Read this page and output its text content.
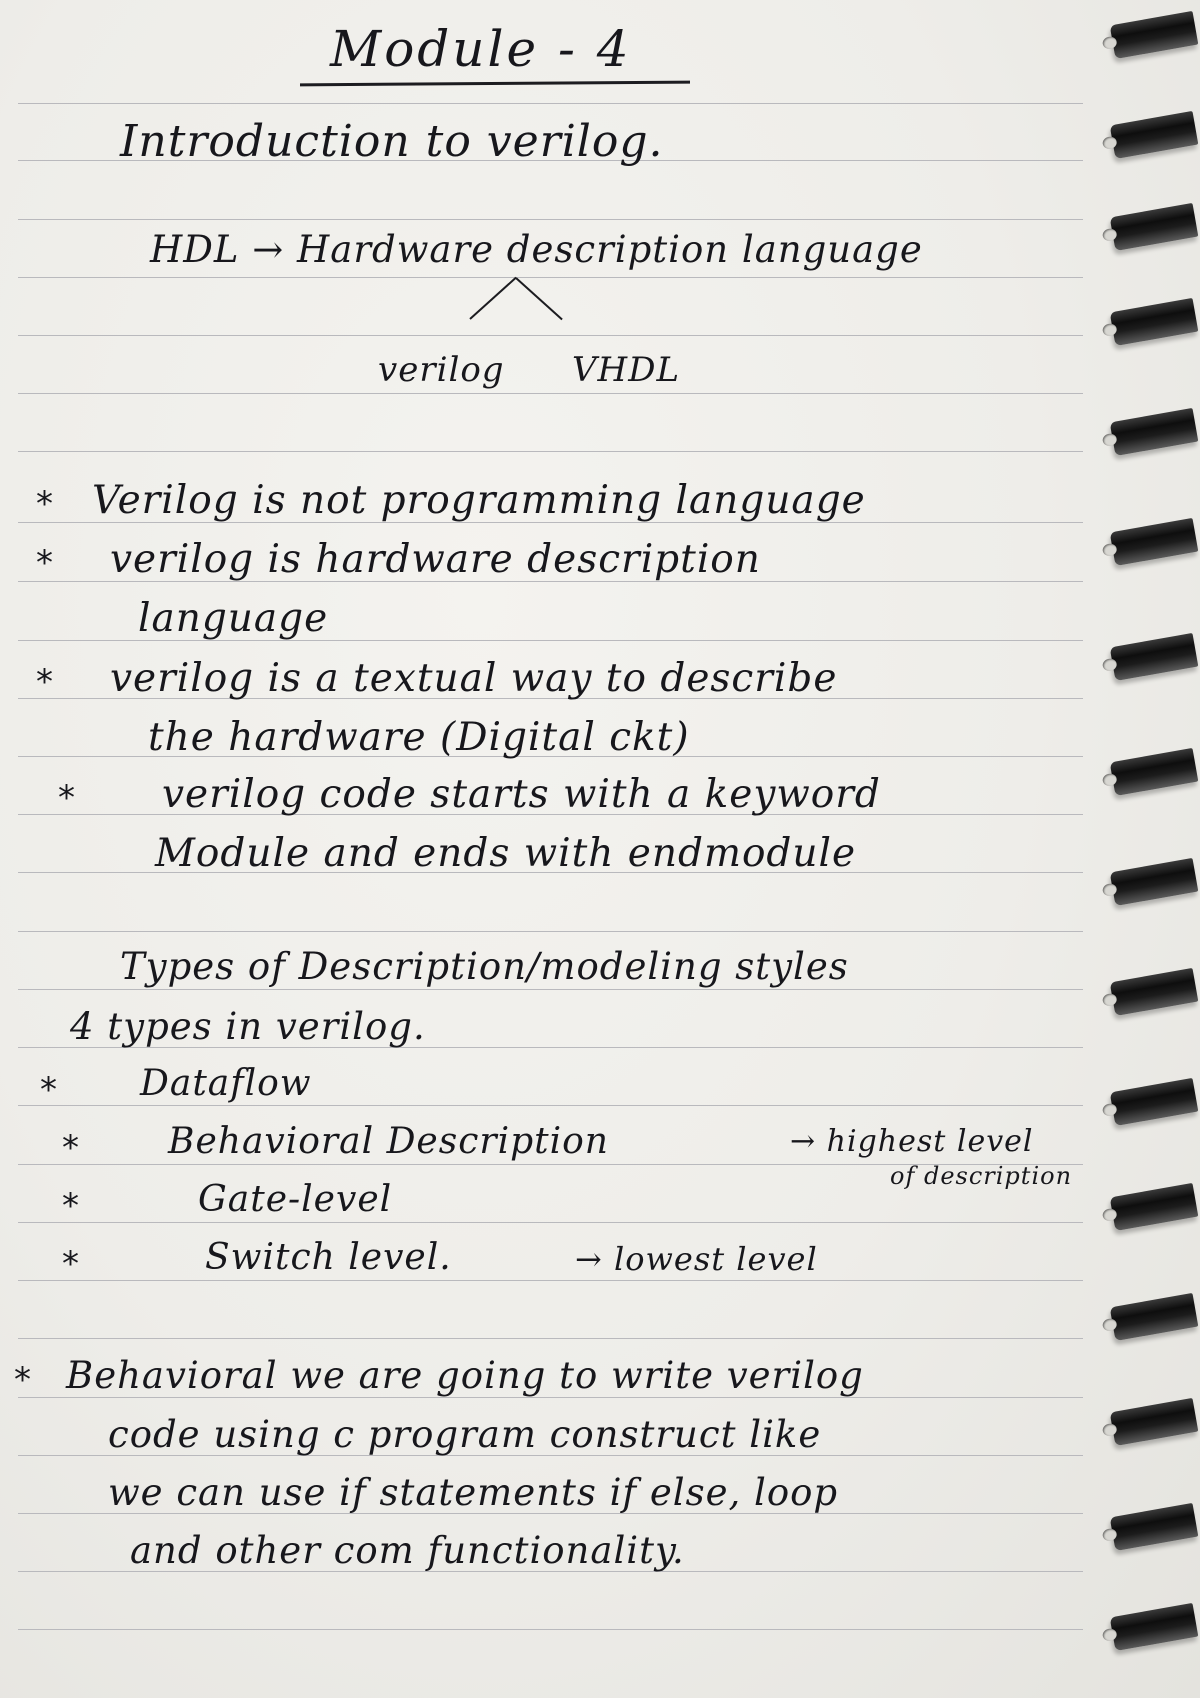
Module - 4
Introduction to verilog.
HDL → Hardware description language
verilog VHDL
* Verilog is not programming language
* verilog is hardware description
language
* verilog is a textual way to describe
the hardware (Digital ckt)
* verilog code starts with a keyword
Module and ends with endmodule
Types of Description/modeling styles
4 types in verilog.
* Dataflow
* Behavioral Description	→ highest level
of description
*	Gate-level
*	Switch level.	→ lowest level
* Behavioral we are going to write verilog
code using c program construct like
we can use if statements if else, loop
and other com functionality.
